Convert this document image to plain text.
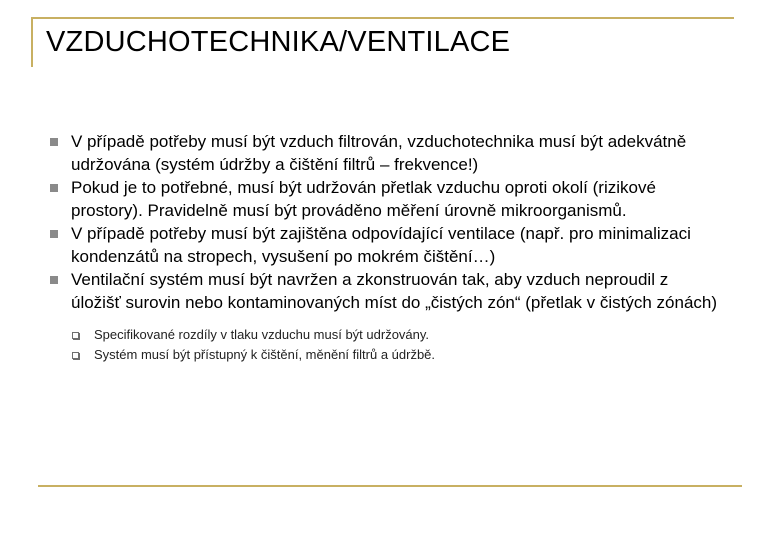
VZDUCHOTECHNIKA/VENTILACE
V případě potřeby musí být vzduch filtrován, vzduchotechnika musí být adekvátně udržována (systém údržby a čištění filtrů – frekvence!)
Pokud je to potřebné, musí být udržován přetlak vzduchu oproti okolí (rizikové prostory). Pravidelně musí být prováděno měření úrovně mikroorganismů.
V případě potřeby musí být zajištěna odpovídající ventilace (např. pro minimalizaci kondenzátů na stropech, vysušení po mokrém čištění…)
Ventilační systém musí být navržen a zkonstruován tak, aby vzduch neproudil z úložišť surovin nebo kontaminovaných míst do „čistých zón“ (přetlak v čistých zónách)
Specifikované rozdíly v tlaku vzduchu musí být udržovány.
Systém musí být přístupný k čištění, měnění filtrů a údržbě.
